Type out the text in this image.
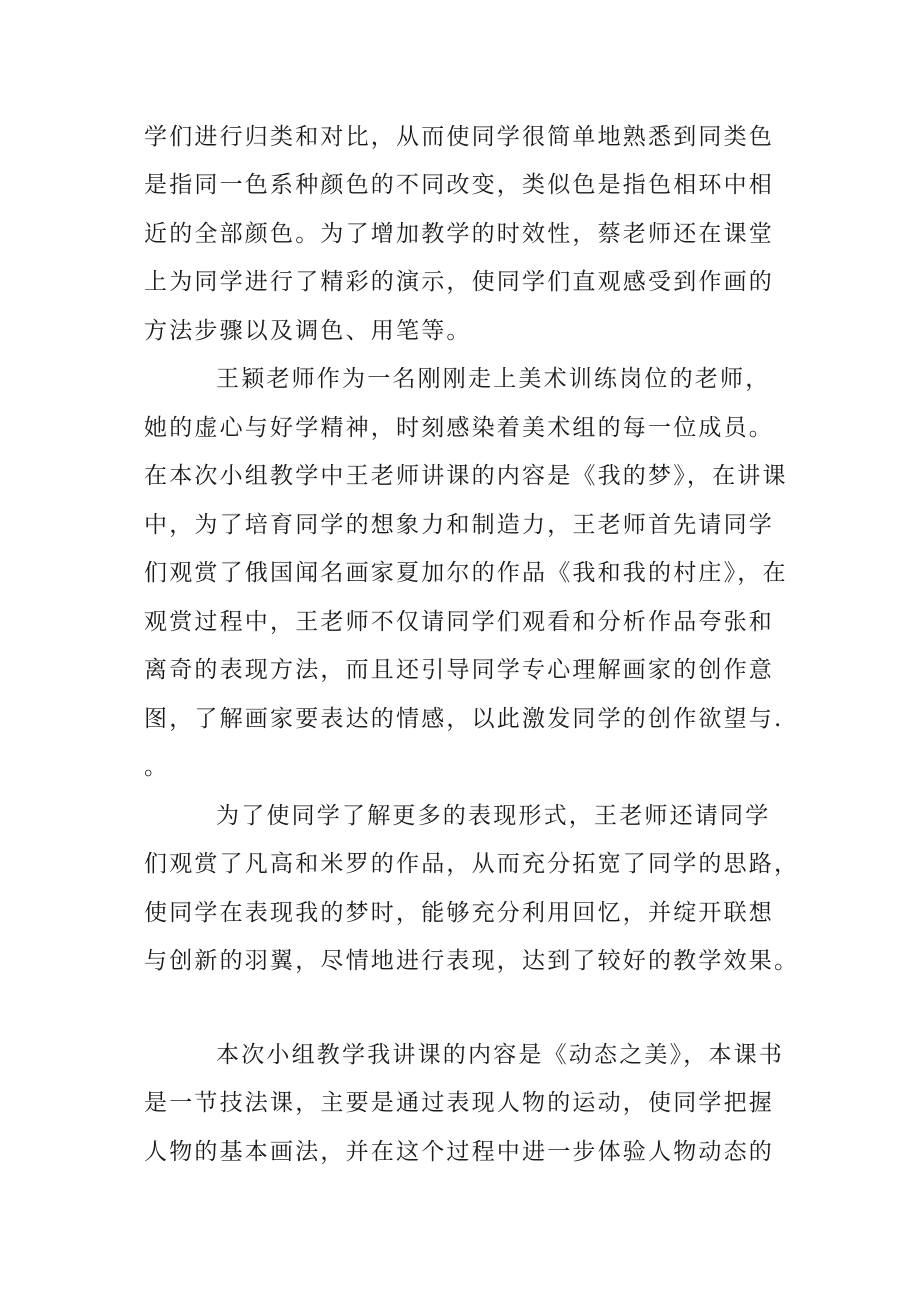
学们进行归类和对比，从而使同学很简单地熟悉到同类色
是指同一色系种颜色的不同改变，类似色是指色相环中相
近的全部颜色。为了增加教学的时效性，蔡老师还在课堂
上为同学进行了精彩的演示，使同学们直观感受到作画的
方法步骤以及调色、用笔等。
王颖老师作为一名刚刚走上美术训练岗位的老师，
她的虚心与好学精神，时刻感染着美术组的每一位成员。
在本次小组教学中王老师讲课的内容是《我的梦》，在讲课
中，为了培育同学的想象力和制造力，王老师首先请同学
们观赏了俄国闻名画家夏加尔的作品《我和我的村庄》，在
观赏过程中，王老师不仅请同学们观看和分析作品夸张和
离奇的表现方法，而且还引导同学专心理解画家的创作意
图，了解画家要表达的情感，以此激发同学的创作欲望与.
。
为了使同学了解更多的表现形式，王老师还请同学
们观赏了凡高和米罗的作品，从而充分拓宽了同学的思路，
使同学在表现我的梦时，能够充分利用回忆，并绽开联想
与创新的羽翼，尽情地进行表现，达到了较好的教学效果。
本次小组教学我讲课的内容是《动态之美》，本课书
是一节技法课，主要是通过表现人物的运动，使同学把握
人物的基本画法，并在这个过程中进一步体验人物动态的
